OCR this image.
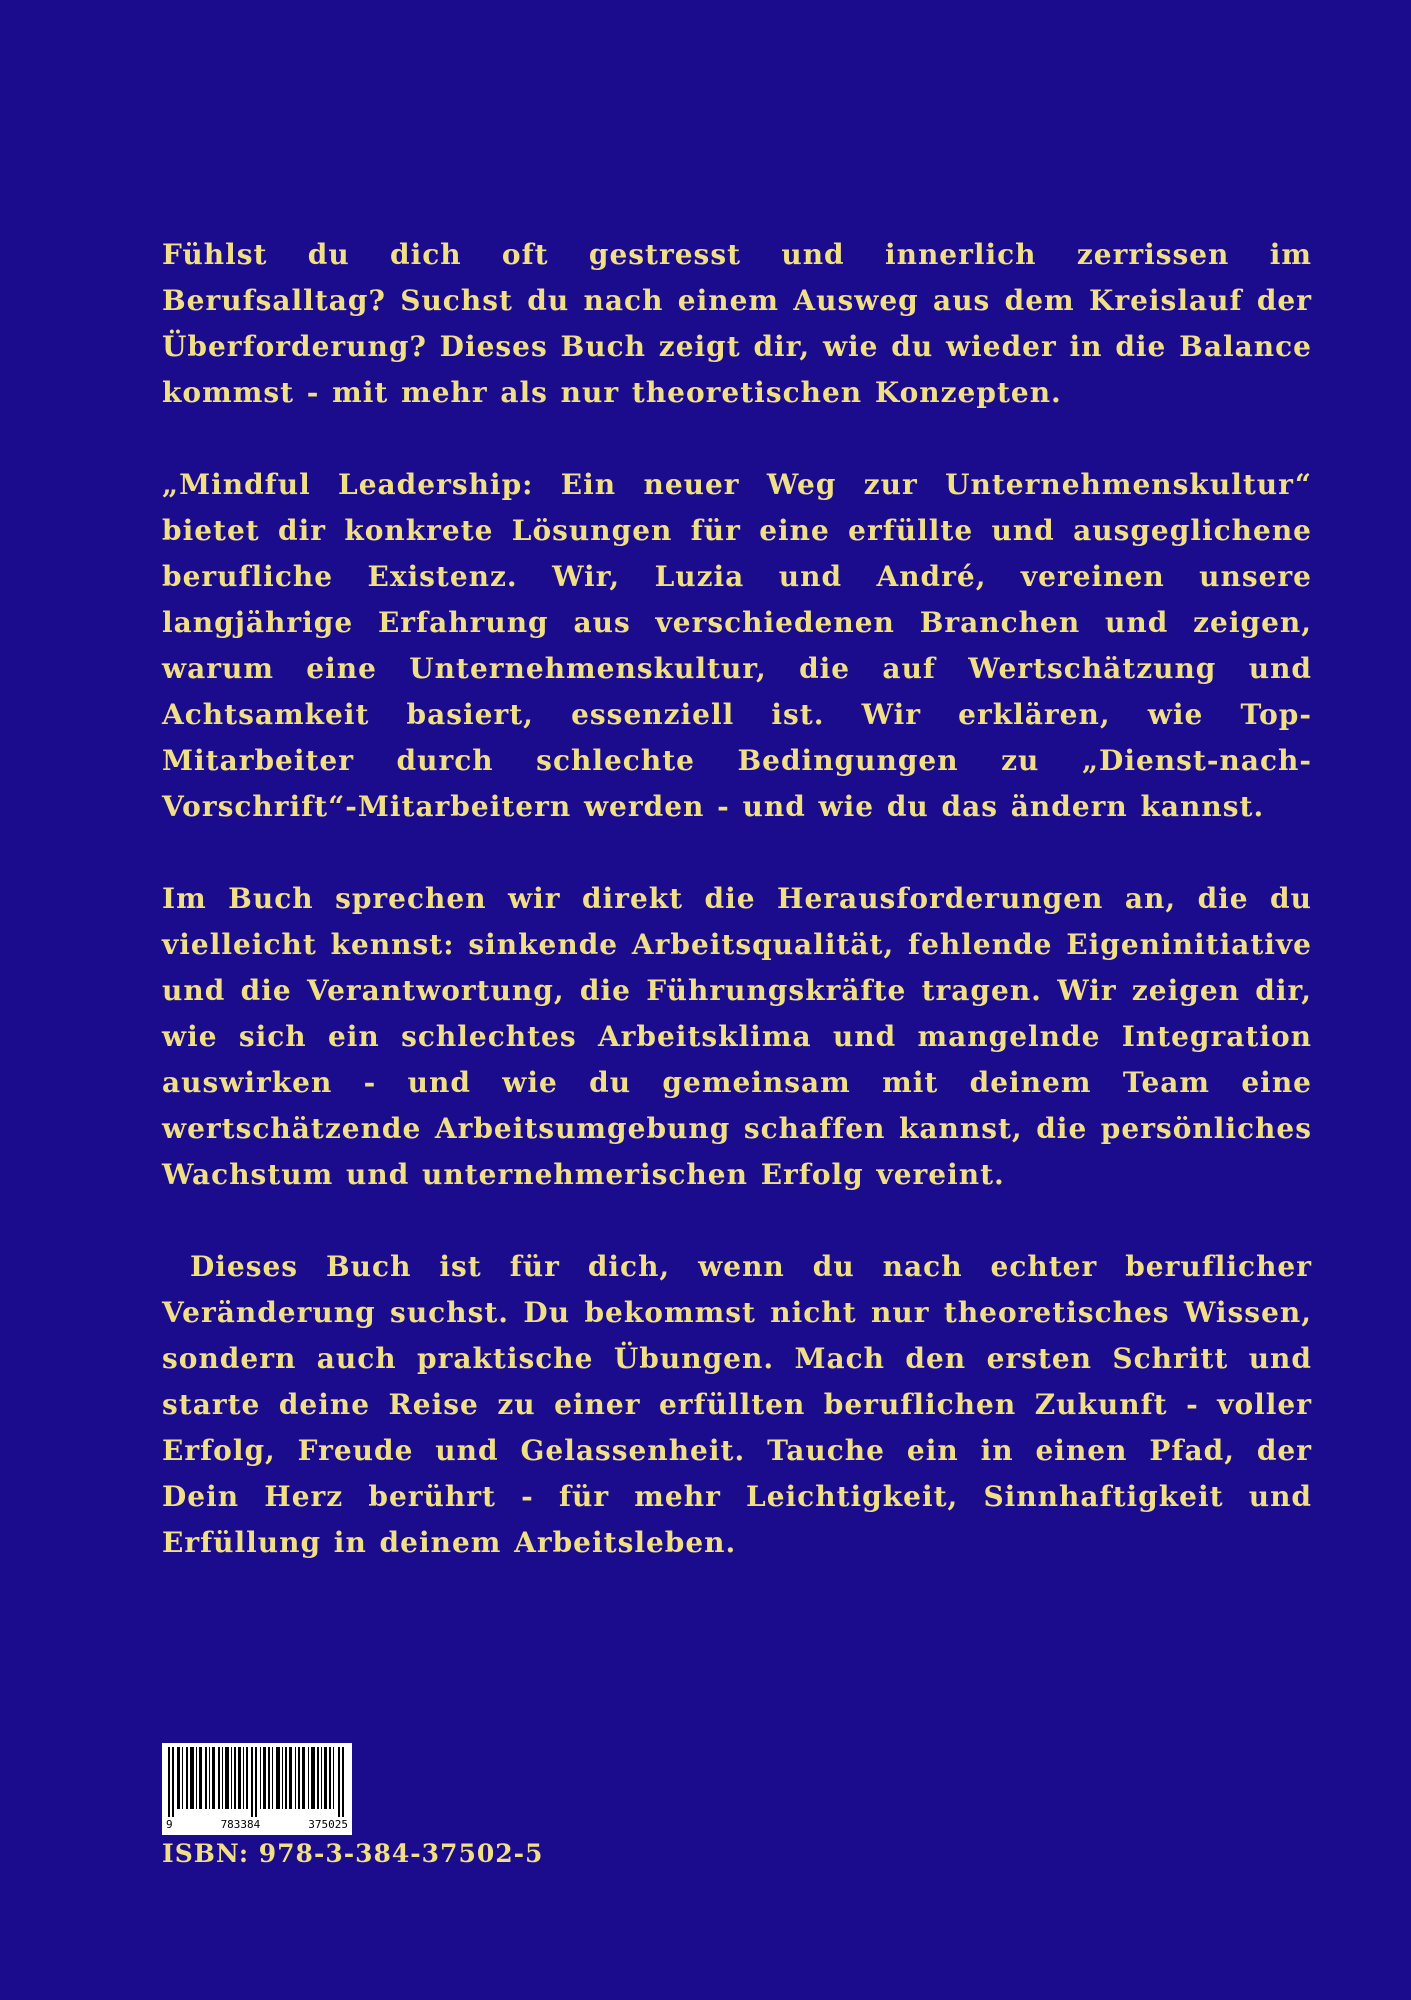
Fühlst du dich oft gestresst und innerlich zerrissen im Berufsalltag? Suchst du nach einem Ausweg aus dem Kreislauf der Überforderung? Dieses Buch zeigt dir, wie du wieder in die Balance kommst - mit mehr als nur theoretischen Konzepten.

„Mindful Leadership: Ein neuer Weg zur Unternehmenskultur“ bietet dir konkrete Lösungen für eine erfüllte und ausgeglichene berufliche Existenz. Wir, Luzia und André, vereinen unsere langjährige Erfahrung aus verschiedenen Branchen und zeigen, warum eine Unternehmenskultur, die auf Wertschätzung und Achtsamkeit basiert, essenziell ist. Wir erklären, wie Top-Mitarbeiter durch schlechte Bedingungen zu „Dienst-nach-Vorschrift“-Mitarbeitern werden - und wie du das ändern kannst.

Im Buch sprechen wir direkt die Herausforderungen an, die du vielleicht kennst: sinkende Arbeitsqualität, fehlende Eigeninitiative und die Verantwortung, die Führungskräfte tragen. Wir zeigen dir, wie sich ein schlechtes Arbeitsklima und mangelnde Integration auswirken - und wie du gemeinsam mit deinem Team eine wertschätzende Arbeitsumgebung schaffen kannst, die persönliches Wachstum und unternehmerischen Erfolg vereint.

Dieses Buch ist für dich, wenn du nach echter beruflicher Veränderung suchst. Du bekommst nicht nur theoretisches Wissen, sondern auch praktische Übungen. Mach den ersten Schritt und starte deine Reise zu einer erfüllten beruflichen Zukunft - voller Erfolg, Freude und Gelassenheit. Tauche ein in einen Pfad, der Dein Herz berührt - für mehr Leichtigkeit, Sinnhaftigkeit und Erfüllung in deinem Arbeitsleben.

9	783384	375025
ISBN: 978-3-384-37502-5
